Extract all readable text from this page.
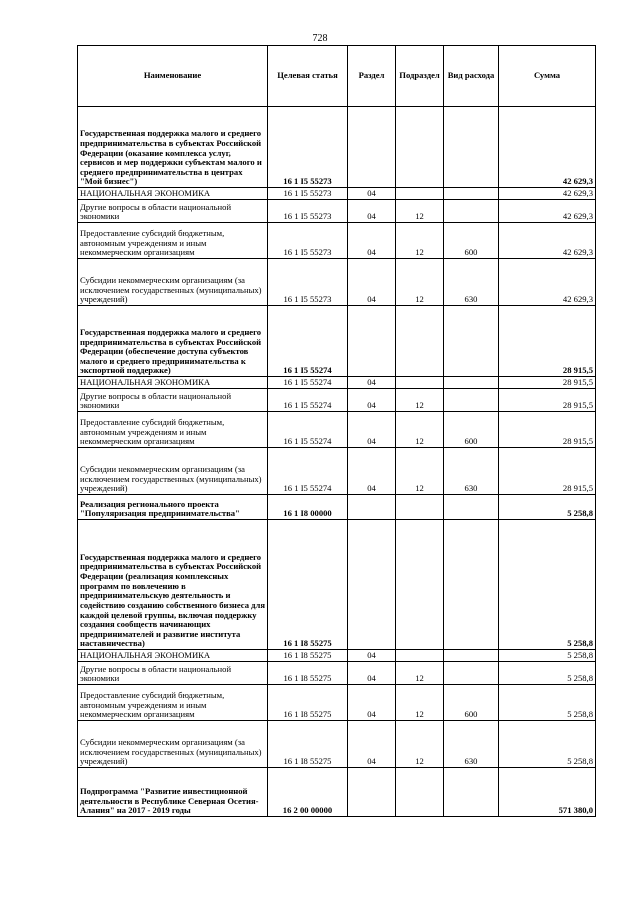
728
Наименование	Целевая статья	Раздел	Подраздел	Вид расхода	Сумма
Государственная поддержка малого и среднего предпринимательства в субъектах Российской Федерации (оказание комплекса услуг, сервисов и мер поддержки субъектам малого и среднего предпринимательства в центрах "Мой бизнес")	16 1 I5 55273				42 629,3
НАЦИОНАЛЬНАЯ ЭКОНОМИКА	16 1 I5 55273	04			42 629,3
Другие вопросы в области национальной экономики	16 1 I5 55273	04	12		42 629,3
Предоставление субсидий бюджетным, автономным учреждениям и иным некоммерческим организациям	16 1 I5 55273	04	12	600	42 629,3
Субсидии некоммерческим организациям (за исключением государственных (муниципальных) учреждений)	16 1 I5 55273	04	12	630	42 629,3
Государственная поддержка малого и среднего предпринимательства в субъектах Российской Федерации (обеспечение доступа субъектов малого и среднего предпринимательства к экспортной поддержке)	16 1 I5 55274				28 915,5
НАЦИОНАЛЬНАЯ ЭКОНОМИКА	16 1 I5 55274	04			28 915,5
Другие вопросы в области национальной экономики	16 1 I5 55274	04	12		28 915,5
Предоставление субсидий бюджетным, автономным учреждениям и иным некоммерческим организациям	16 1 I5 55274	04	12	600	28 915,5
Субсидии некоммерческим организациям (за исключением государственных (муниципальных) учреждений)	16 1 I5 55274	04	12	630	28 915,5
Реализация регионального проекта "Популяризация предпринимательства"	16 1 I8 00000				5 258,8
Государственная поддержка малого и среднего предпринимательства в субъектах Российской Федерации (реализация комплексных программ по вовлечению в предпринимательскую деятельность и содействию созданию собственного бизнеса для каждой целевой группы, включая поддержку создания сообществ начинающих предпринимателей и развитие института наставничества)	16 1 I8 55275				5 258,8
НАЦИОНАЛЬНАЯ ЭКОНОМИКА	16 1 I8 55275	04			5 258,8
Другие вопросы в области национальной экономики	16 1 I8 55275	04	12		5 258,8
Предоставление субсидий бюджетным, автономным учреждениям и иным некоммерческим организациям	16 1 I8 55275	04	12	600	5 258,8
Субсидии некоммерческим организациям (за исключением государственных (муниципальных) учреждений)	16 1 I8 55275	04	12	630	5 258,8
Подпрограмма "Развитие инвестиционной деятельности в Республике Северная Осетия-Алания" на 2017 - 2019 годы	16 2 00 00000				571 380,0
